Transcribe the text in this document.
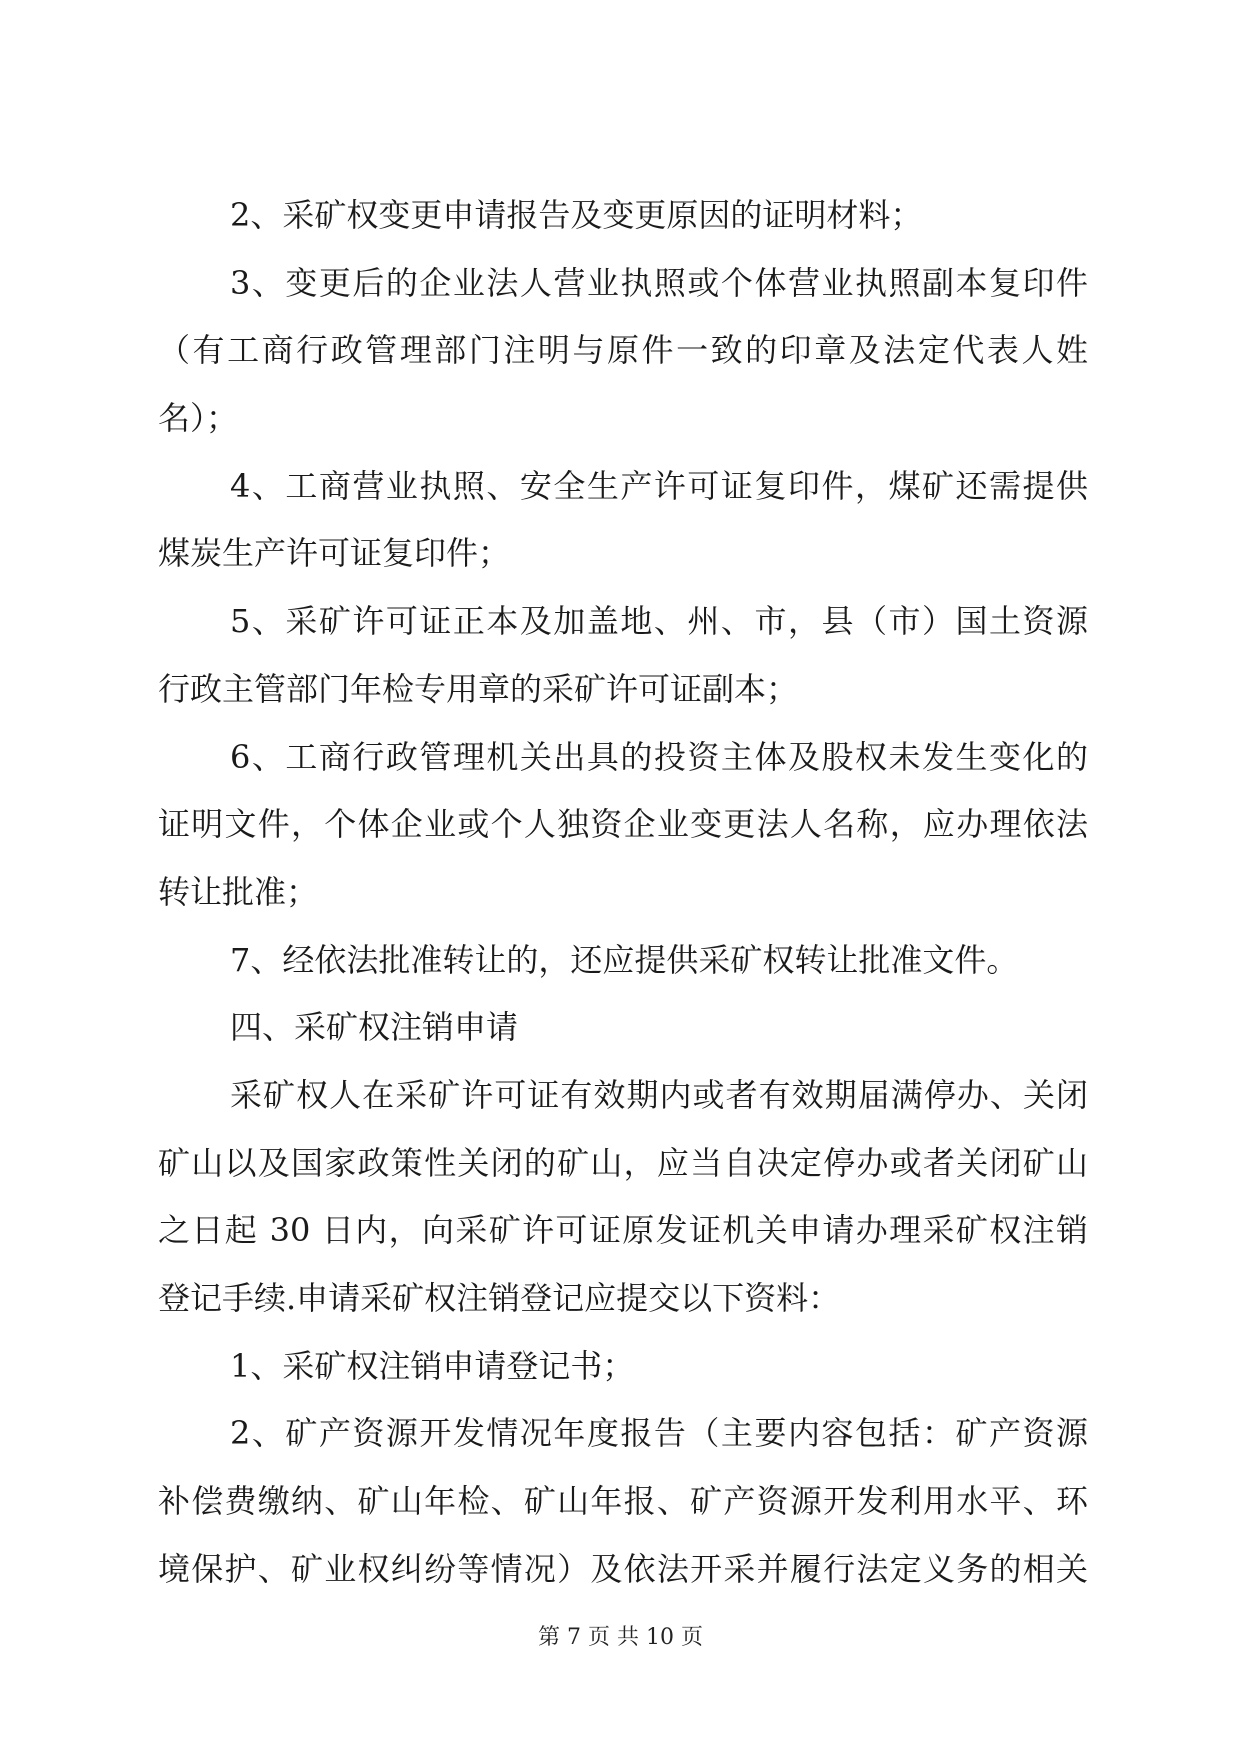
2、采矿权变更申请报告及变更原因的证明材料；
3、变更后的企业法人营业执照或个体营业执照副本复印件
（有工商行政管理部门注明与原件一致的印章及法定代表人姓
名）；
4、工商营业执照、安全生产许可证复印件，煤矿还需提供
煤炭生产许可证复印件；
5、采矿许可证正本及加盖地、州、市，县（市）国土资源
行政主管部门年检专用章的采矿许可证副本；
6、工商行政管理机关出具的投资主体及股权未发生变化的
证明文件，个体企业或个人独资企业变更法人名称，应办理依法
转让批准；
7、经依法批准转让的，还应提供采矿权转让批准文件。
四、采矿权注销申请
采矿权人在采矿许可证有效期内或者有效期届满停办、关闭
矿山以及国家政策性关闭的矿山，应当自决定停办或者关闭矿山
之日起 30 日内，向采矿许可证原发证机关申请办理采矿权注销
登记手续.申请采矿权注销登记应提交以下资料：
1、采矿权注销申请登记书；
2、矿产资源开发情况年度报告（主要内容包括：矿产资源
补偿费缴纳、矿山年检、矿山年报、矿产资源开发利用水平、环
境保护、矿业权纠纷等情况）及依法开采并履行法定义务的相关
第 7 页 共 10 页
